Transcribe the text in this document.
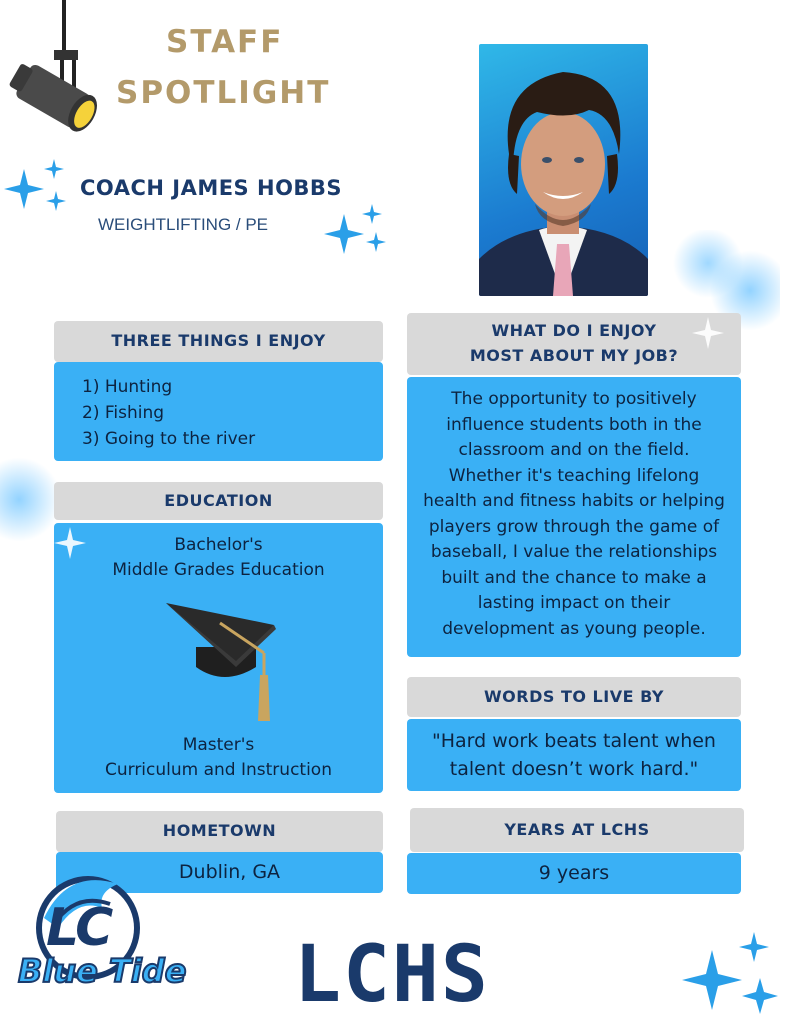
STAFF
SPOTLIGHT
COACH JAMES HOBBS
WEIGHTLIFTING / PE
THREE THINGS I ENJOY
1) Hunting
2) Fishing
3) Going to the river
EDUCATION
Bachelor's
Middle Grades Education
Master's
Curriculum and Instruction
HOMETOWN
Dublin, GA
WHAT DO I ENJOY
MOST ABOUT MY JOB?
The opportunity to positively influence students both in the classroom and on the field. Whether it's teaching lifelong health and fitness habits or helping players grow through the game of baseball, I value the relationships built and the chance to make a lasting impact on their development as young people.
WORDS TO LIVE BY
"Hard work beats talent when talent doesn’t work hard."
YEARS AT LCHS
9 years
LC
Blue Tide LCHS
